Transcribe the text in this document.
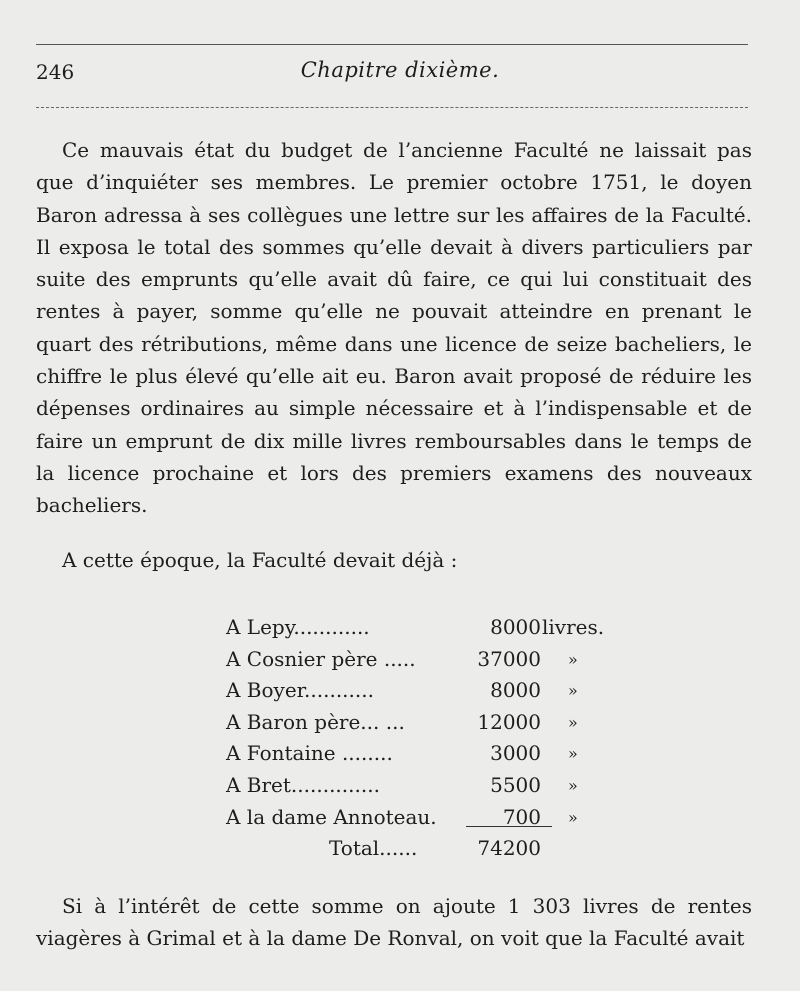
246	Chapitre dixième.

Ce mauvais état du budget de l’ancienne Faculté ne laissait pas que d’inquiéter ses membres. Le premier octobre 1751, le doyen Baron adressa à ses collègues une lettre sur les affaires de la Faculté. Il exposa le total des sommes qu’elle devait à divers particuliers par suite des emprunts qu’elle avait dû faire, ce qui lui constituait des rentes à payer, somme qu’elle ne pouvait atteindre en prenant le quart des rétributions, même dans une licence de seize bacheliers, le chiffre le plus élevé qu’elle ait eu. Baron avait proposé de réduire les dépenses ordinaires au simple nécessaire et à l’indispensable et de faire un emprunt de dix mille livres remboursables dans le temps de la licence prochaine et lors des premiers examens des nouveaux bacheliers.

A cette époque, la Faculté devait déjà :

A Lepy............	8000 livres.
A Cosnier père .....	37000 »
A Boyer...........	8000 »
A Baron père... ...	12000 »
A Fontaine ........	3000 »
A Bret..............	5500 »
A la dame Annoteau.	700 »
Total......	74200

Si à l’intérêt de cette somme on ajoute 1 303 livres de rentes viagères à Grimal et à la dame De Ronval, on voit que la Faculté avait
